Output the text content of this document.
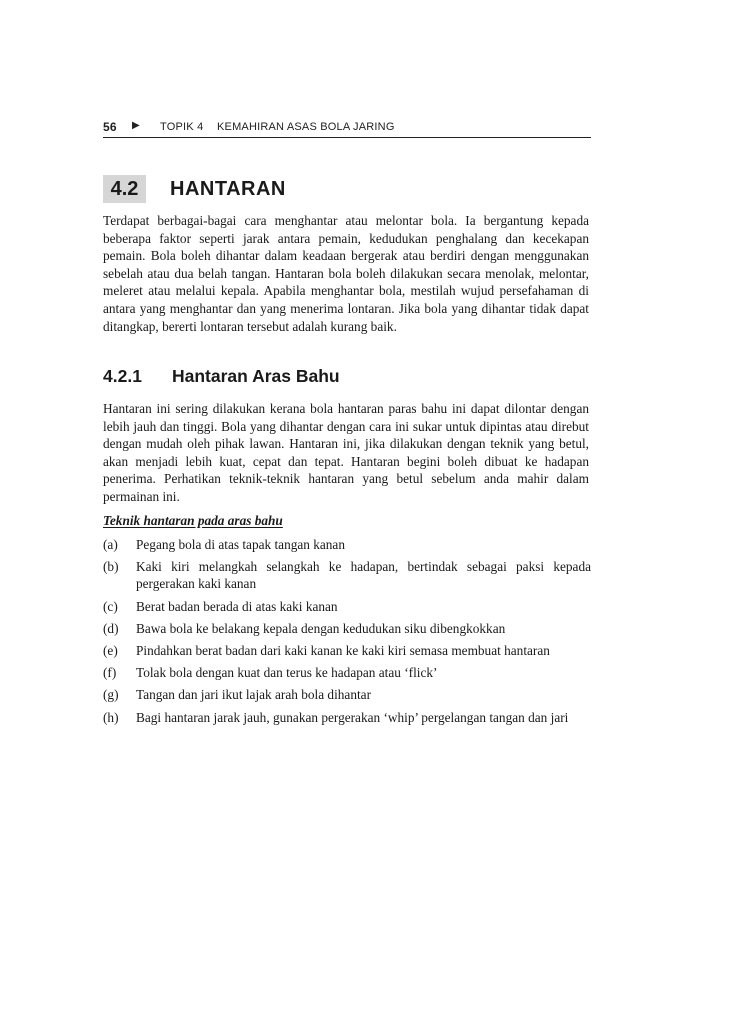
56 ▶ TOPIK 4 KEMAHIRAN ASAS BOLA JARING
4.2	HANTARAN

Terdapat berbagai-bagai cara menghantar atau melontar bola. Ia bergantung kepada beberapa faktor seperti jarak antara pemain, kedudukan penghalang dan kecekapan pemain. Bola boleh dihantar dalam keadaan bergerak atau berdiri dengan menggunakan sebelah atau dua belah tangan. Hantaran bola boleh dilakukan secara menolak, melontar, meleret atau melalui kepala. Apabila menghantar bola, mestilah wujud persefahaman di antara yang menghantar dan yang menerima lontaran. Jika bola yang dihantar tidak dapat ditangkap, bererti lontaran tersebut adalah kurang baik.

4.2.1 Hantaran Aras Bahu

Hantaran ini sering dilakukan kerana bola hantaran paras bahu ini dapat dilontar dengan lebih jauh dan tinggi. Bola yang dihantar dengan cara ini sukar untuk dipintas atau direbut dengan mudah oleh pihak lawan. Hantaran ini, jika dilakukan dengan teknik yang betul, akan menjadi lebih kuat, cepat dan tepat. Hantaran begini boleh dibuat ke hadapan penerima. Perhatikan teknik-teknik hantaran yang betul sebelum anda mahir dalam permainan ini.

Teknik hantaran pada aras bahu
(a) Pegang bola di atas tapak tangan kanan
(b) Kaki kiri melangkah selangkah ke hadapan, bertindak sebagai paksi kepada pergerakan kaki kanan
(c) Berat badan berada di atas kaki kanan
(d) Bawa bola ke belakang kepala dengan kedudukan siku dibengkokkan
(e) Pindahkan berat badan dari kaki kanan ke kaki kiri semasa membuat hantaran
(f) Tolak bola dengan kuat dan terus ke hadapan atau ‘flick’
(g) Tangan dan jari ikut lajak arah bola dihantar
(h) Bagi hantaran jarak jauh, gunakan pergerakan ‘whip’ pergelangan tangan dan jari
